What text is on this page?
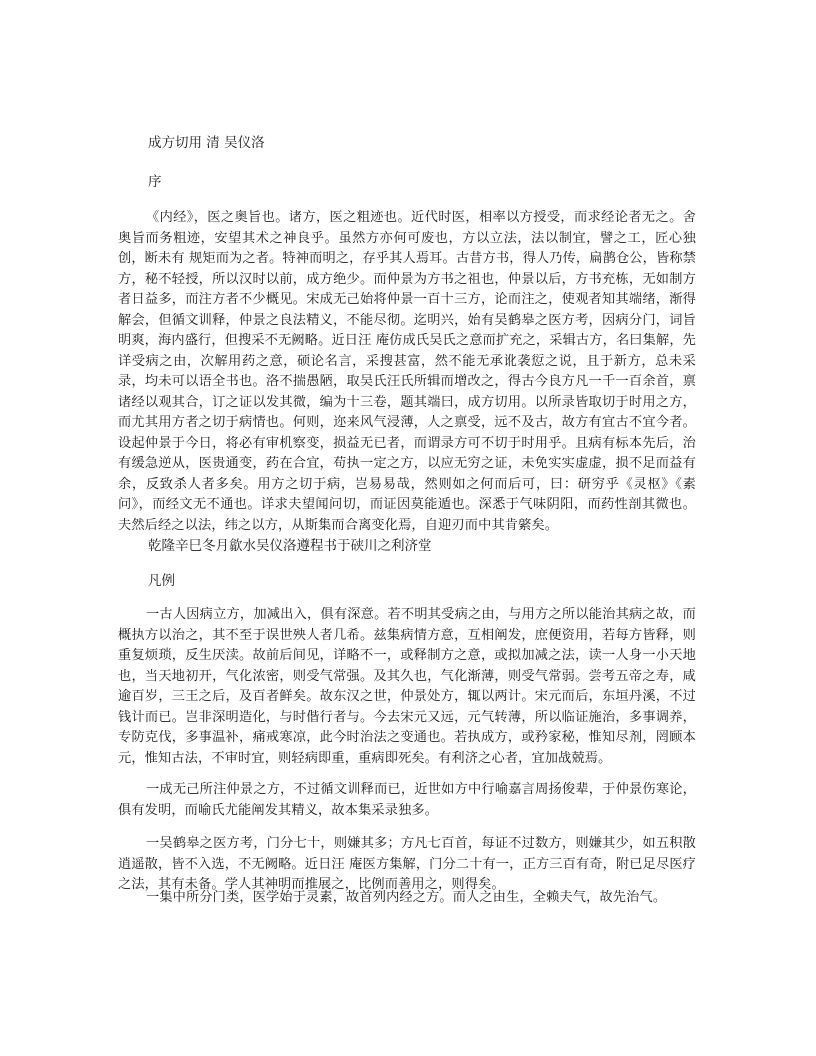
成方切用 清 吴仪洛
序

《内经》，医之奥旨也。诸方，医之粗迹也。近代时医，相率以方授受，而求经论者无之。舍奥旨而务粗迹，安望其术之神良乎。虽然方亦何可废也，方以立法，法以制宜，譬之工，匠心独创，断未有 规矩而为之者。特神而明之，存乎其人焉耳。古昔方书，得人乃传，扁鹊仓公，皆称禁方，秘不轻授，所以汉时以前，成方绝少。而仲景为方书之祖也，仲景以后，方书充栋，无如制方者日益多，而注方者不少概见。宋成无己始将仲景一百十三方，论而注之，使观者知其端绪，渐得解会，但循文训释，仲景之良法精义，不能尽彻。迄明兴，始有吴鹤皋之医方考，因病分门，词旨明爽，海内盛行，但搜采不无阙略。近日汪 庵仿成氏吴氏之意而扩充之，采辑古方，名曰集解，先详受病之由，次解用药之意，硕论名言，采搜甚富，然不能无承讹袭愆之说，且于新方，总未采录，均未可以语全书也。洛不揣愚陋，取吴氏汪氏所辑而增改之，得古今良方凡一千一百余首，禀诸经以观其合，订之证以发其微，编为十三卷，题其端曰，成方切用。以所录皆取切于时用之方，而尤其用方者之切于病情也。何则，迩来风气浸薄，人之禀受，远不及古，故方有宜古不宜今者。设起仲景于今日，将必有审机察变，损益无已者，而谓录方可不切于时用乎。且病有标本先后，治有缓急逆从，医贵通变，药在合宜，苟执一定之方，以应无穷之证，未免实实虚虚，损不足而益有余，反致杀人者多矣。用方之切于病，岂易易哉，然则如之何而后可，曰：研穷乎《灵枢》《素问》，而经文无不通也。详求夫望闻问切，而证因莫能遁也。深悉于气味阴阳，而药性剖其微也。夫然后经之以法，纬之以方，从斯集而合离变化焉，自迎刃而中其肯綮矣。

乾隆辛巳冬月歙水吴仪洛遵程书于硖川之利济堂
凡例

一古人因病立方，加减出入，俱有深意。若不明其受病之由，与用方之所以能治其病之故，而概执方以治之，其不至于误世殃人者几希。兹集病情方意，互相阐发，庶便资用，若每方皆释，则重复烦琐，反生厌渎。故前后间见，详略不一，或释制方之意，或拟加减之法，读一人身一小天地也，当天地初开，气化浓密，则受气常强。及其久也，气化渐薄，则受气常弱。尝考五帝之寿，咸逾百岁，三王之后，及百者鲜矣。故东汉之世，仲景处方，辄以两计。宋元而后，东垣丹溪，不过钱计而已。岂非深明造化，与时偕行者与。今去宋元又远，元气转薄，所以临证施治，多事调养，专防克伐，多事温补，痛戒寒凉，此今时治法之变通也。若执成方，或矜家秘，惟知尽剂，罔顾本元，惟知古法，不审时宜，则轻病即重，重病即死矣。有利济之心者，宜加战兢焉。

一成无己所注仲景之方，不过循文训释而已，近世如方中行喻嘉言周扬俊辈，于仲景伤寒论，俱有发明，而喻氏尤能阐发其精义，故本集采录独多。

一吴鹤皋之医方考，门分七十，则嫌其多；方凡七百首，每证不过数方，则嫌其少，如五积散逍遥散，皆不入选，不无阙略。近日汪 庵医方集解，门分二十有一，正方三百有奇，附已足尽医疗之法，其有未备。学人其神明而推展之，比例而善用之，则得矣。

一集中所分门类，医学始于灵素，故首列内经之方。而人之由生，全赖夫气，故先治气。
